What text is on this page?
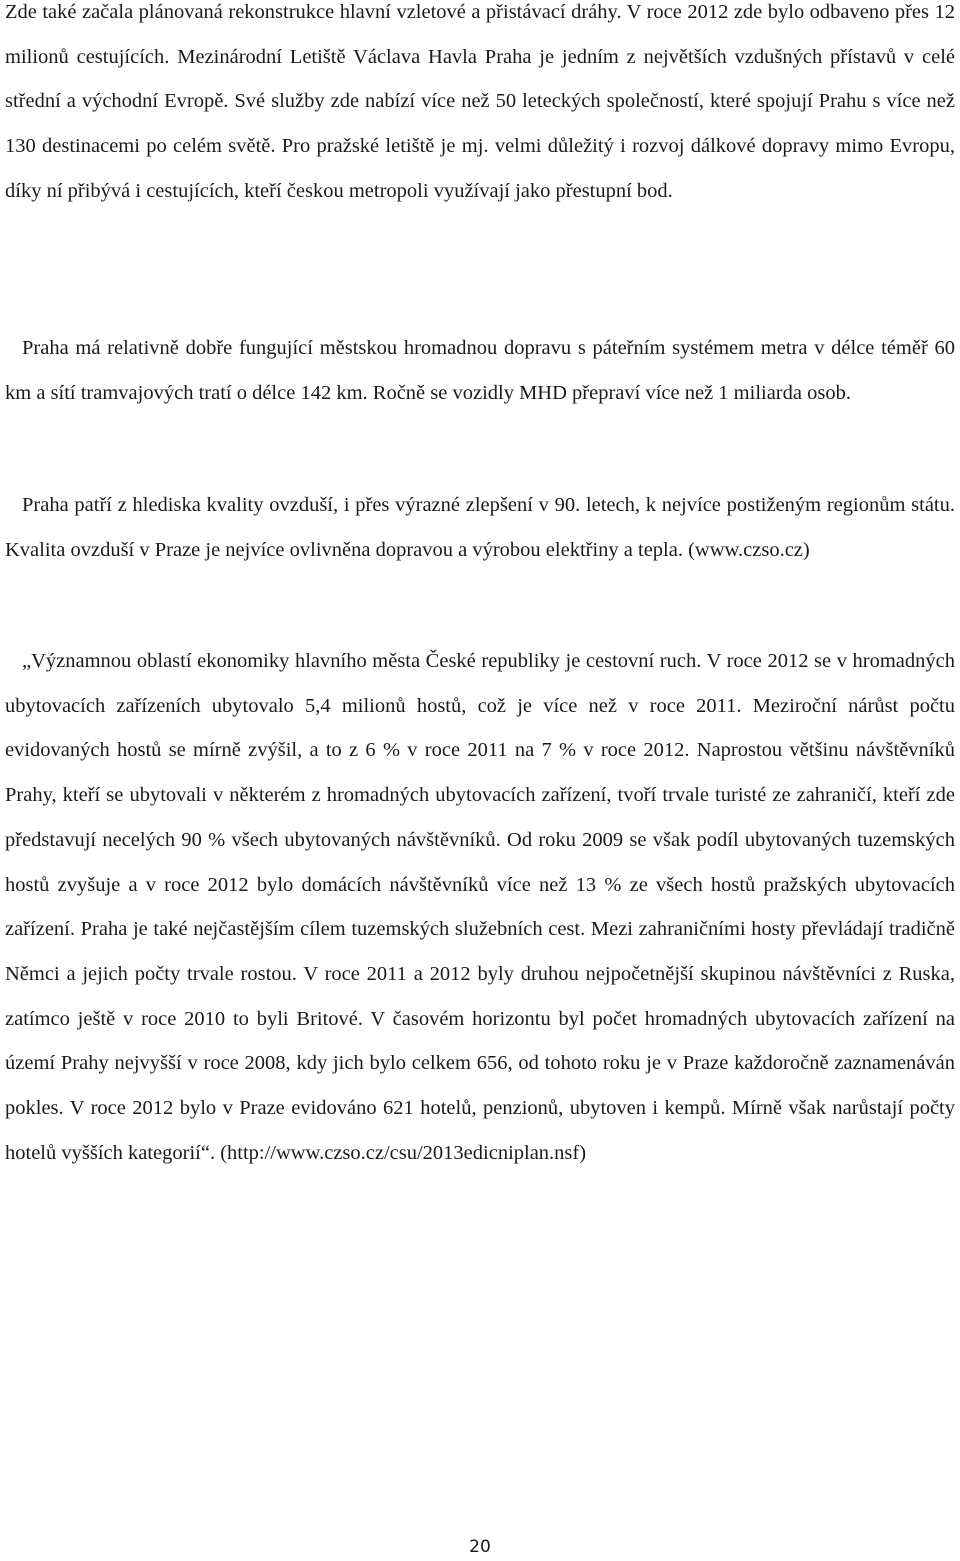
Zde také začala plánovaná rekonstrukce hlavní vzletové a přistávací dráhy. V roce 2012 zde bylo odbaveno přes 12 milionů cestujících. Mezinárodní Letiště Václava Havla Praha je jedním z největších vzdušných přístavů v celé střední a východní Evropě. Své služby zde nabízí více než 50 leteckých společností, které spojují Prahu s více než 130 destinacemi po celém světě. Pro pražské letiště je mj. velmi důležitý i rozvoj dálkové dopravy mimo Evropu, díky ní přibývá i cestujících, kteří českou metropoli využívají jako přestupní bod.

Praha má relativně dobře fungující městskou hromadnou dopravu s páteřním systémem metra v délce téměř 60 km a sítí tramvajových tratí o délce 142 km. Ročně se vozidly MHD přepraví více než 1 miliarda osob.

Praha patří z hlediska kvality ovzduší, i přes výrazné zlepšení v 90. letech, k nejvíce postiženým regionům státu. Kvalita ovzduší v Praze je nejvíce ovlivněna dopravou a výrobou elektřiny a tepla. (www.czso.cz)

„Významnou oblastí ekonomiky hlavního města České republiky je cestovní ruch. V roce 2012 se v hromadných ubytovacích zařízeních ubytovalo 5,4 milionů hostů, což je více než v roce 2011. Meziroční nárůst počtu evidovaných hostů se mírně zvýšil, a to z 6 % v roce 2011 na 7 % v roce 2012. Naprostou většinu návštěvníků Prahy, kteří se ubytovali v některém z hromadných ubytovacích zařízení, tvoří trvale turisté ze zahraničí, kteří zde představují necelých 90 % všech ubytovaných návštěvníků. Od roku 2009 se však podíl ubytovaných tuzemských hostů zvyšuje a v roce 2012 bylo domácích návštěvníků více než 13 % ze všech hostů pražských ubytovacích zařízení. Praha je také nejčastějším cílem tuzemských služebních cest. Mezi zahraničními hosty převládají tradičně Němci a jejich počty trvale rostou. V roce 2011 a 2012 byly druhou nejpočetnější skupinou návštěvníci z Ruska, zatímco ještě v roce 2010 to byli Britové. V časovém horizontu byl počet hromadných ubytovacích zařízení na území Prahy nejvyšší v roce 2008, kdy jich bylo celkem 656, od tohoto roku je v Praze každoročně zaznamenáván pokles. V roce 2012 bylo v Praze evidováno 621 hotelů, penzionů, ubytoven i kempů. Mírně však narůstají počty hotelů vyšších kategorií“. (http://www.czso.cz/csu/2013edicniplan.nsf)

20
